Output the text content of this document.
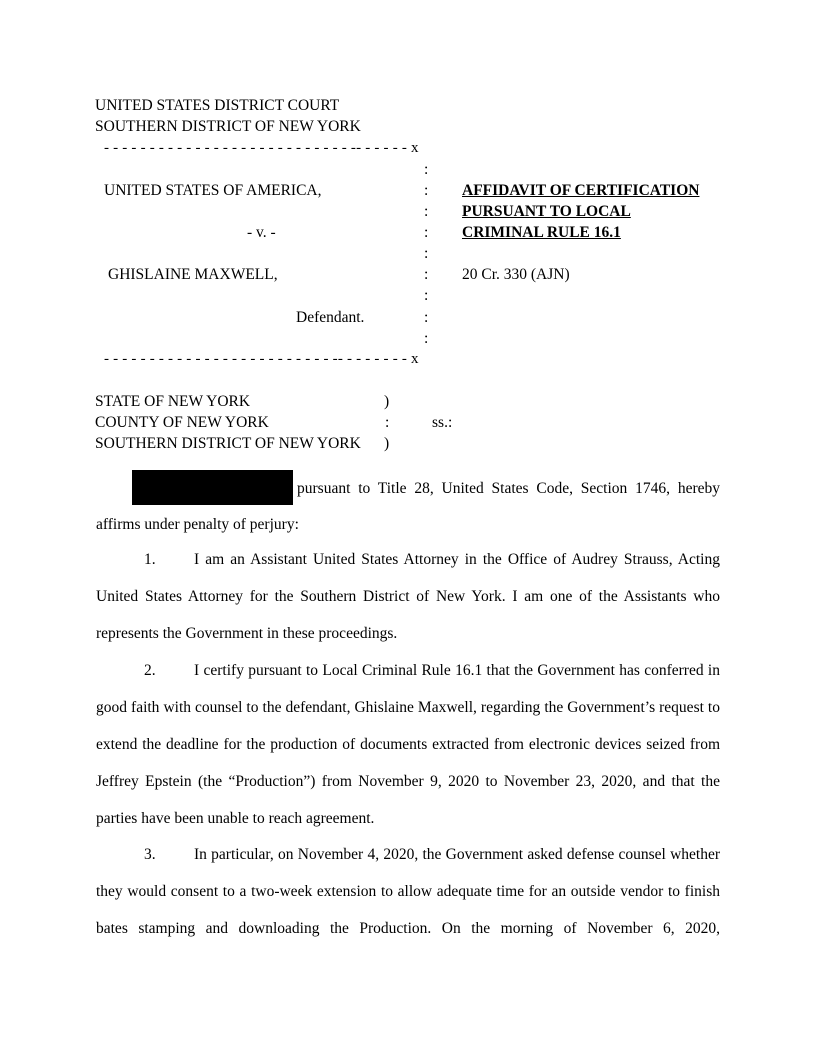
UNITED STATES DISTRICT COURT
SOUTHERN DISTRICT OF NEW YORK
- - - - - - - - - - - - - - - - - - - - - - - - - - - -- - - - - - x
:
UNITED STATES OF AMERICA,	: AFFIDAVIT OF CERTIFICATION
: PURSUANT TO LOCAL
- v. -	: CRIMINAL RULE 16.1
:
GHISLAINE MAXWELL,	: 20 Cr. 330 (AJN)
:
Defendant.	:
:
- - - - - - - - - - - - - - - - - - - - - - - - - -- - - - - - - - x
STATE OF NEW YORK	)
COUNTY OF NEW YORK	:	ss.:
SOUTHERN DISTRICT OF NEW YORK )
pursuant to Title 28, United States Code, Section 1746, hereby
affirms under penalty of perjury:
1. I am an Assistant United States Attorney in the Office of Audrey Strauss, Acting United States Attorney for the Southern District of New York. I am one of the Assistants who represents the Government in these proceedings.
2. I certify pursuant to Local Criminal Rule 16.1 that the Government has conferred in good faith with counsel to the defendant, Ghislaine Maxwell, regarding the Government’s request to extend the deadline for the production of documents extracted from electronic devices seized from Jeffrey Epstein (the “Production”) from November 9, 2020 to November 23, 2020, and that the parties have been unable to reach agreement.
3. In particular, on November 4, 2020, the Government asked defense counsel whether they would consent to a two-week extension to allow adequate time for an outside vendor to finish bates stamping and downloading the Production. On the morning of November 6, 2020,
